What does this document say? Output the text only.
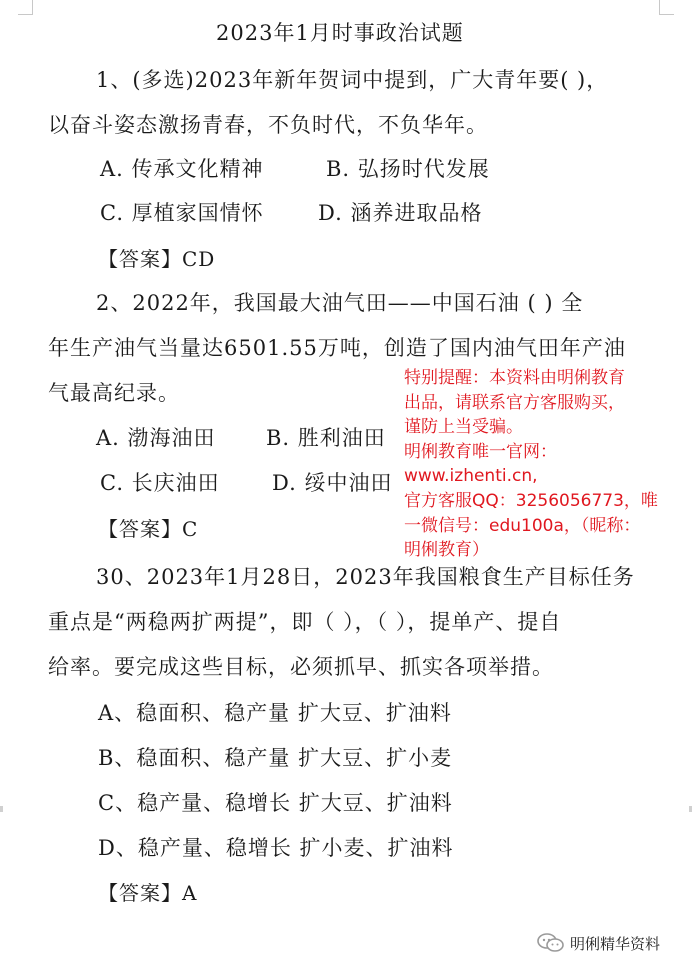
2023年1月时事政治试题
1、(多选)2023年新年贺词中提到，广大青年要( )，
以奋斗姿态激扬青春，不负时代，不负华年。
A. 传承文化精神	B. 弘扬时代发展
C. 厚植家国情怀	D. 涵养进取品格
【答案】CD
2、2022年，我国最大油气田——中国石油 ( ) 全
年生产油气当量达6501.55万吨，创造了国内油气田年产油
气最高纪录。
A. 渤海油田 B. 胜利油田
C. 长庆油田 D. 绥中油田
【答案】C
30、2023年1月28日，2023年我国粮食生产目标任务
重点是“两稳两扩两提”，即（ ），（ ），提单产、提自
给率。要完成这些目标，必须抓早、抓实各项举措。
A、稳面积、稳产量 扩大豆、扩油料
B、稳面积、稳产量 扩大豆、扩小麦
C、稳产量、稳增长 扩大豆、扩油料
D、稳产量、稳增长 扩小麦、扩油料
【答案】A
特别提醒：本资料由明俐教育
出品，请联系官方客服购买，
谨防上当受骗。
明俐教育唯一官网：
www.izhenti.cn,
官方客服QQ：3256056773，唯
一微信号：edu100a，（昵称：
明俐教育）
明俐精华资料
